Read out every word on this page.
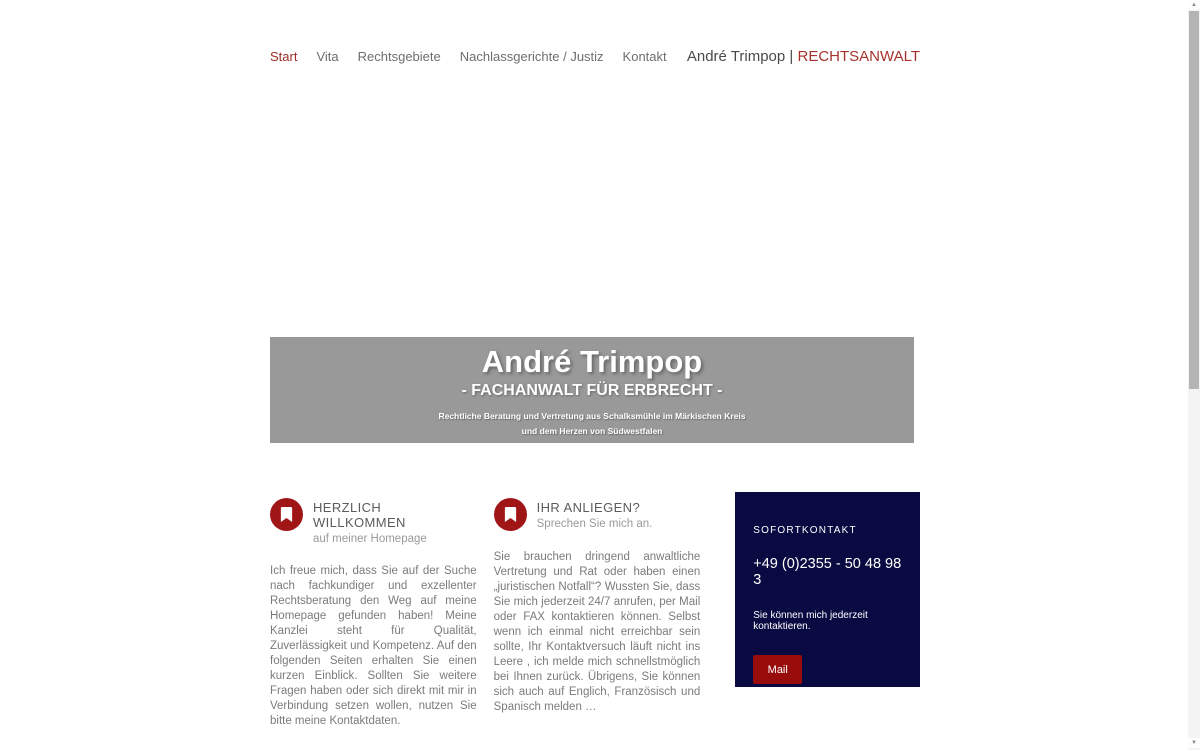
Start Vita Rechtsgebiete Nachlassgerichte / Justiz Kontakt André Trimpop | RECHTSANWALT
André Trimpop
- FACHANWALT FÜR ERBRECHT -
Rechtliche Beratung und Vertretung aus Schalksmühle im Märkischen Kreis
und dem Herzen von Südwestfalen
HERZLICH WILLKOMMEN
auf meiner Homepage

Ich freue mich, dass Sie auf der Suche nach fachkundiger und exzellenter Rechtsberatung den Weg auf meine Homepage gefunden haben! Meine Kanzlei steht für Qualität, Zuverlässigkeit und Kompetenz. Auf den folgenden Seiten erhalten Sie einen kurzen Einblick. Sollten Sie weitere Fragen haben oder sich direkt mit mir in Verbindung setzen wollen, nutzen Sie bitte meine Kontaktdaten.

IHR ANLIEGEN?
Sprechen Sie mich an.

Sie brauchen dringend anwaltliche Vertretung und Rat oder haben einen „juristischen Notfall“? Wussten Sie, dass Sie mich jederzeit 24/7 anrufen, per Mail oder FAX kontaktieren können. Selbst wenn ich einmal nicht erreichbar sein sollte, Ihr Kontaktversuch läuft nicht ins Leere , ich melde mich schnellstmöglich bei Ihnen zurück. Übrigens, Sie können sich auch auf Englich, Französisch und Spanisch melden …

SOFORTKONTAKT
+49 (0)2355 - 50 48 98 3
Sie können mich jederzeit kontaktieren.
Mail
▲
▼
